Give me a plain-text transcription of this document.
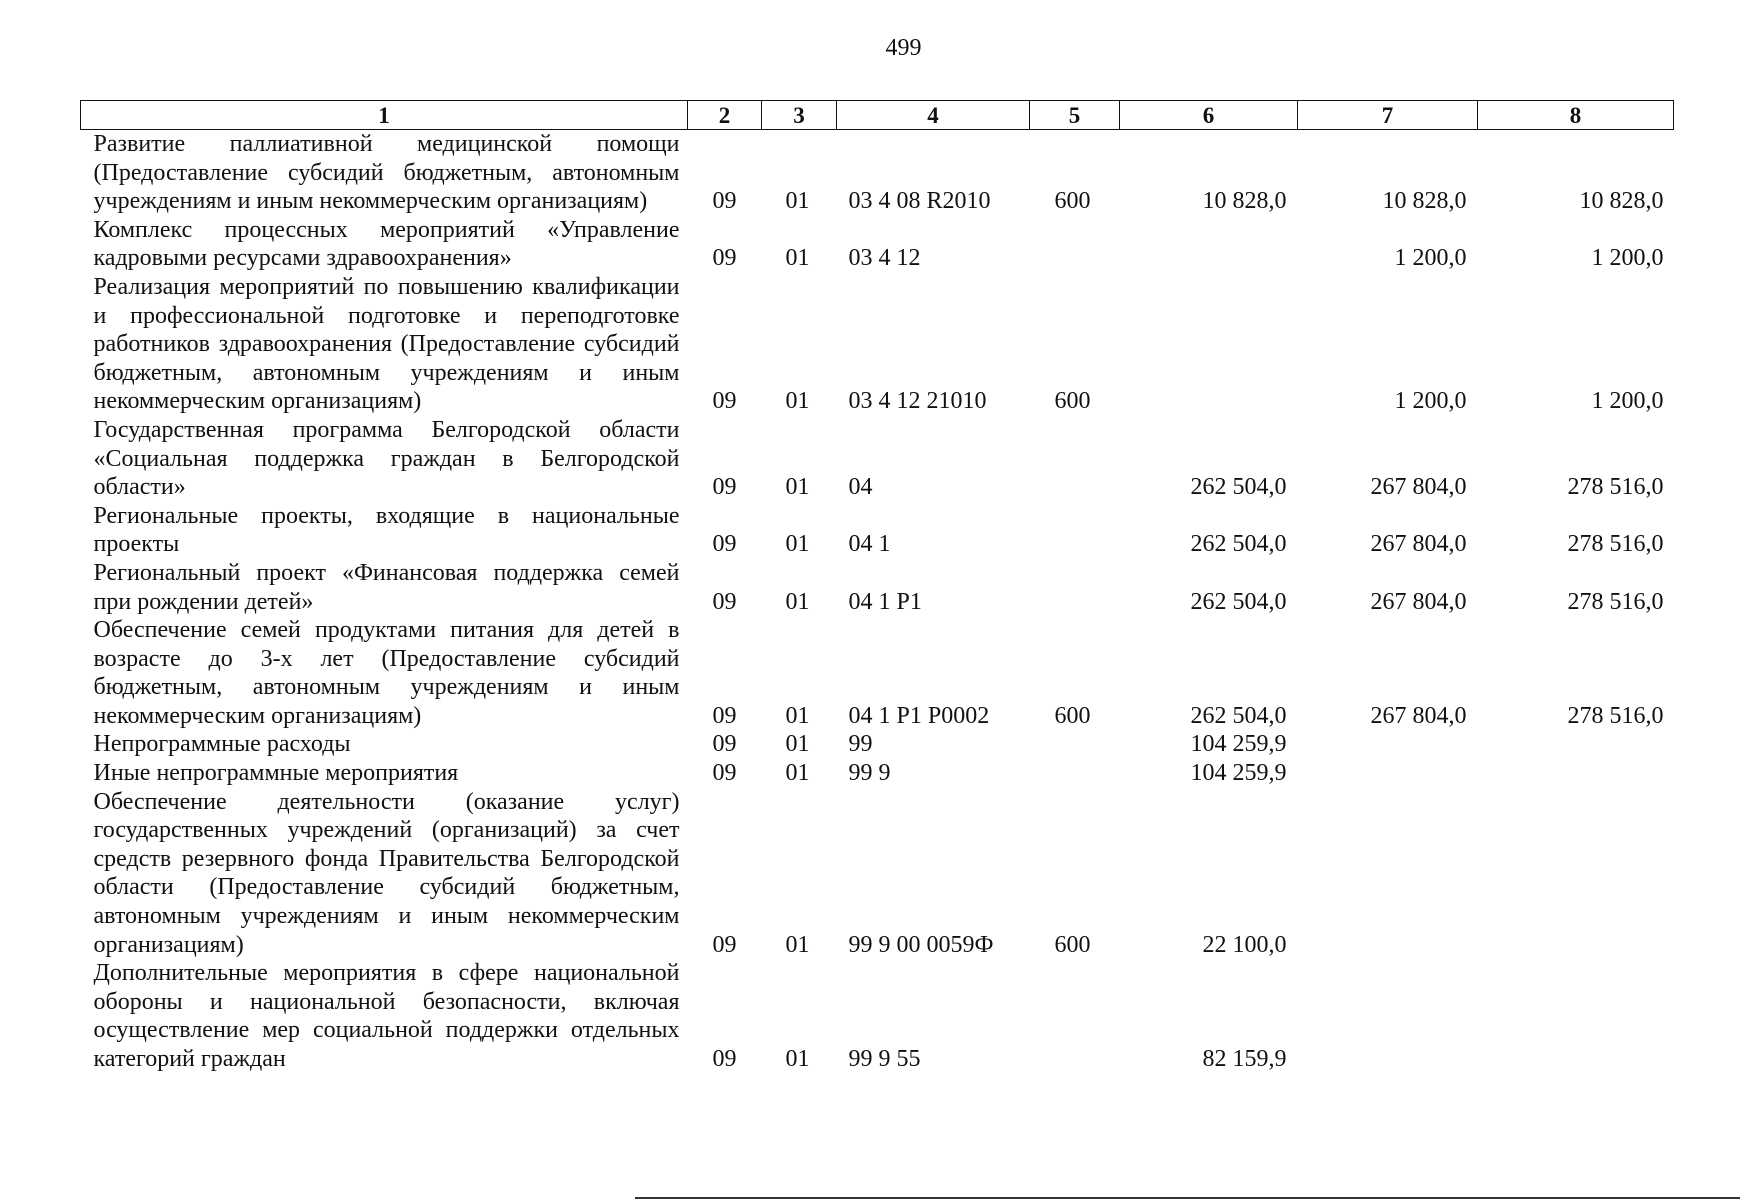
499
1	2	3	4	5	6	7	8
Развитие паллиативной медицинской помощи (Предоставление субсидий бюджетным, автономным учреждениям и иным некоммерческим организациям)	09	01	03 4 08 R2010	600	10 828,0	10 828,0	10 828,0
Комплекс процессных мероприятий «Управление кадровыми ресурсами здравоохранения»	09	01	03 4 12			1 200,0	1 200,0
Реализация мероприятий по повышению квалификации и профессиональной подготовке и переподготовке работников здравоохранения (Предоставление субсидий бюджетным, автономным учреждениям и иным некоммерческим организациям)	09	01	03 4 12 21010	600		1 200,0	1 200,0
Государственная программа Белгородской области «Социальная поддержка граждан в Белгородской области»	09	01	04		262 504,0	267 804,0	278 516,0
Региональные проекты, входящие в национальные проекты	09	01	04 1		262 504,0	267 804,0	278 516,0
Региональный проект «Финансовая поддержка семей при рождении детей»	09	01	04 1 P1		262 504,0	267 804,0	278 516,0
Обеспечение семей продуктами питания для детей в возрасте до 3-х лет (Предоставление субсидий бюджетным, автономным учреждениям и иным некоммерческим организациям)	09	01	04 1 P1 P0002	600	262 504,0	267 804,0	278 516,0
Непрограммные расходы	09	01	99		104 259,9		
Иные непрограммные мероприятия	09	01	99 9		104 259,9		
Обеспечение деятельности (оказание услуг) государственных учреждений (организаций) за счет средств резервного фонда Правительства Белгородской области (Предоставление субсидий бюджетным, автономным учреждениям и иным некоммерческим организациям)	09	01	99 9 00 0059Ф	600	22 100,0		
Дополнительные мероприятия в сфере национальной обороны и национальной безопасности, включая осуществление мер социальной поддержки отдельных категорий граждан	09	01	99 9 55		82 159,9		
